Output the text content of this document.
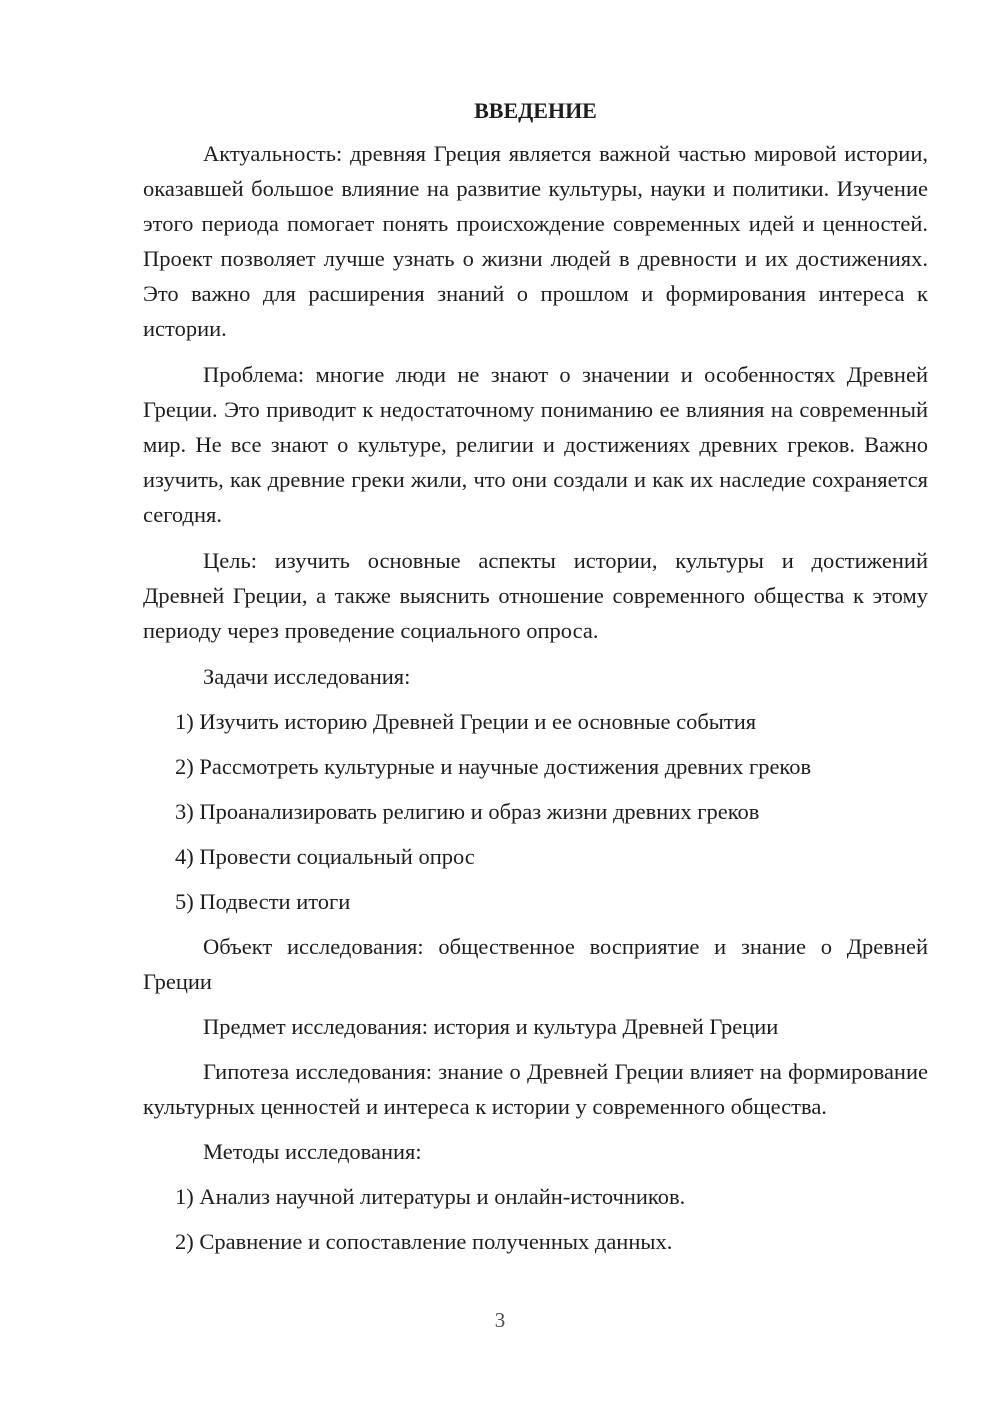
ВВЕДЕНИЕ

Актуальность: древняя Греция является важной частью мировой истории, оказавшей большое влияние на развитие культуры, науки и политики. Изучение этого периода помогает понять происхождение современных идей и ценностей. Проект позволяет лучше узнать о жизни людей в древности и их достижениях. Это важно для расширения знаний о прошлом и формирования интереса к истории.

Проблема: многие люди не знают о значении и особенностях Древней Греции. Это приводит к недостаточному пониманию ее влияния на современный мир. Не все знают о культуре, религии и достижениях древних греков. Важно изучить, как древние греки жили, что они создали и как их наследие сохраняется сегодня.

Цель: изучить основные аспекты истории, культуры и достижений Древней Греции, а также выяснить отношение современного общества к этому периоду через проведение социального опроса.

Задачи исследования:

1) Изучить историю Древней Греции и ее основные события

2) Рассмотреть культурные и научные достижения древних греков

3) Проанализировать религию и образ жизни древних греков

4) Провести социальный опрос

5) Подвести итоги

Объект исследования: общественное восприятие и знание о Древней Греции

Предмет исследования: история и культура Древней Греции

Гипотеза исследования: знание о Древней Греции влияет на формирование культурных ценностей и интереса к истории у современного общества.

Методы исследования:

1) Анализ научной литературы и онлайн-источников.

2) Сравнение и сопоставление полученных данных.

3
